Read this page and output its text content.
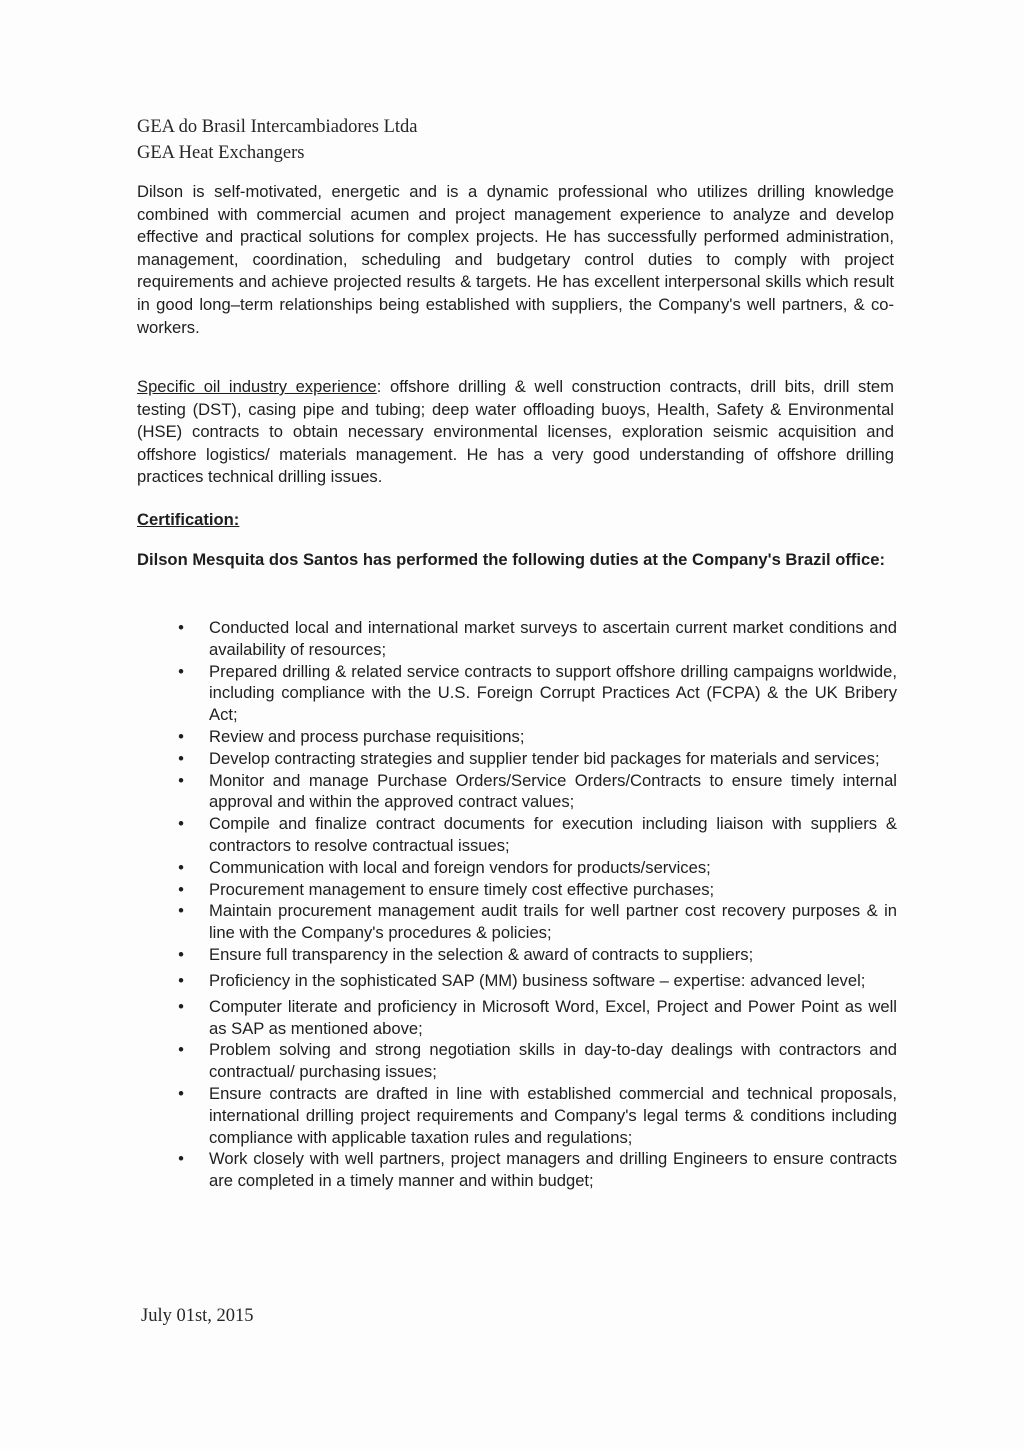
GEA do Brasil Intercambiadores Ltda
GEA Heat Exchangers
Dilson is self-motivated, energetic and is a dynamic professional who utilizes drilling knowledge combined with commercial acumen and project management experience to analyze and develop effective and practical solutions for complex projects. He has successfully performed administration, management, coordination, scheduling and budgetary control duties to comply with project requirements and achieve projected results & targets. He has excellent interpersonal skills which result in good long–term relationships being established with suppliers, the Company's well partners, & co-workers.
Specific oil industry experience: offshore drilling & well construction contracts, drill bits, drill stem testing (DST), casing pipe and tubing; deep water offloading buoys, Health, Safety & Environmental (HSE) contracts to obtain necessary environmental licenses, exploration seismic acquisition and offshore logistics/ materials management. He has a very good understanding of offshore drilling practices technical drilling issues.
Certification:
Dilson Mesquita dos Santos has performed the following duties at the Company's Brazil office:
• Conducted local and international market surveys to ascertain current market conditions and availability of resources;
• Prepared drilling & related service contracts to support offshore drilling campaigns worldwide, including compliance with the U.S. Foreign Corrupt Practices Act (FCPA) & the UK Bribery Act;
• Review and process purchase requisitions;
• Develop contracting strategies and supplier tender bid packages for materials and services;
• Monitor and manage Purchase Orders/Service Orders/Contracts to ensure timely internal approval and within the approved contract values;
• Compile and finalize contract documents for execution including liaison with suppliers & contractors to resolve contractual issues;
• Communication with local and foreign vendors for products/services;
• Procurement management to ensure timely cost effective purchases;
• Maintain procurement management audit trails for well partner cost recovery purposes & in line with the Company's procedures & policies;
• Ensure full transparency in the selection & award of contracts to suppliers;
• Proficiency in the sophisticated SAP (MM) business software – expertise: advanced level;
• Computer literate and proficiency in Microsoft Word, Excel, Project and Power Point as well as SAP as mentioned above;
• Problem solving and strong negotiation skills in day-to-day dealings with contractors and contractual/ purchasing issues;
• Ensure contracts are drafted in line with established commercial and technical proposals, international drilling project requirements and Company's legal terms & conditions including compliance with applicable taxation rules and regulations;
• Work closely with well partners, project managers and drilling Engineers to ensure contracts are completed in a timely manner and within budget;
July 01st, 2015
